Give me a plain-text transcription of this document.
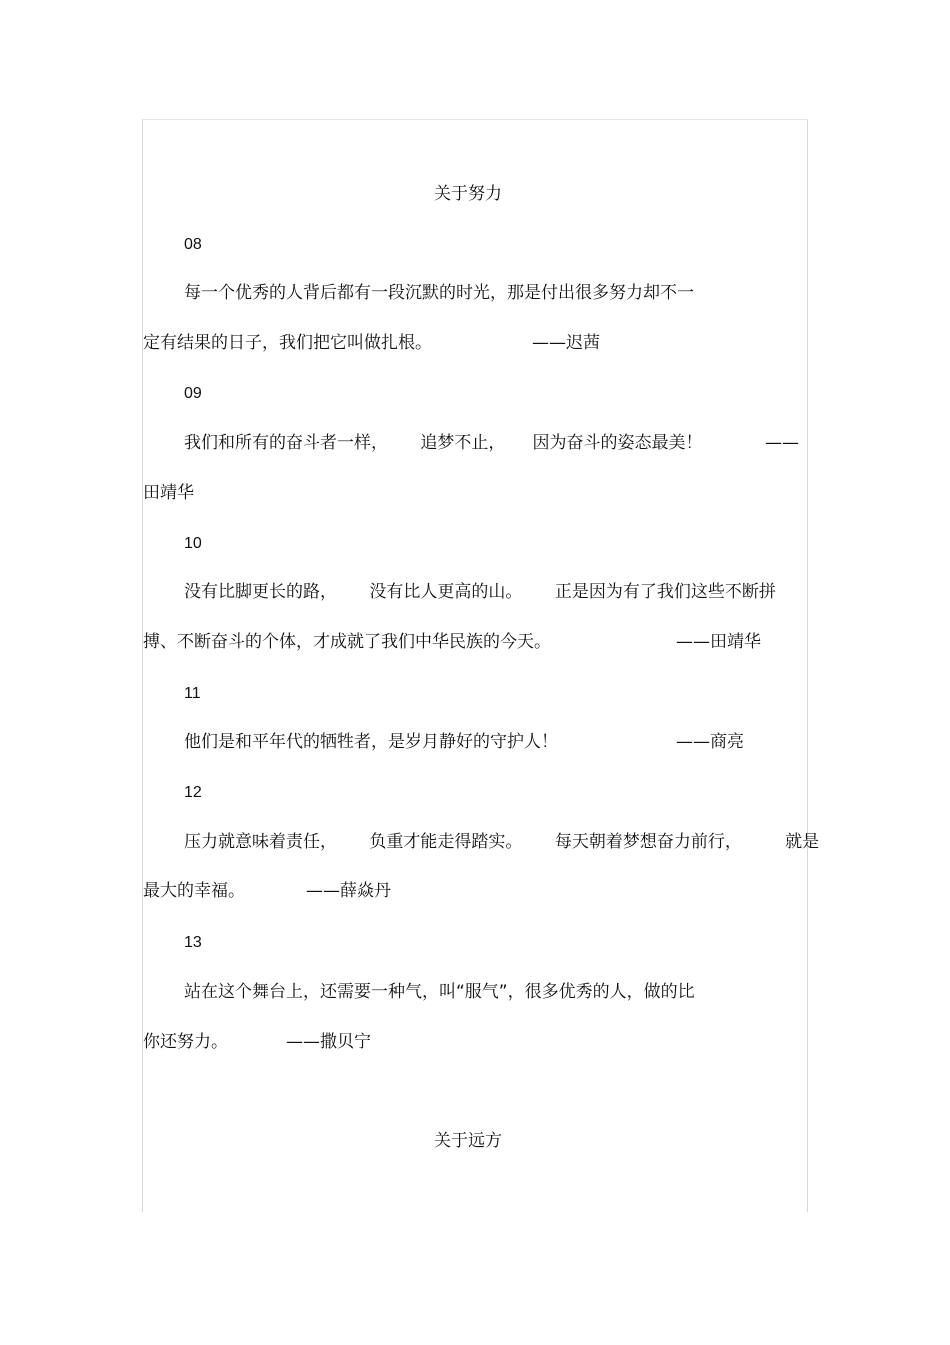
关于努力
08
每一个优秀的人背后都有一段沉默的时光，那是付出很多努力却不一
定有结果的日子，我们把它叫做扎根。	——迟茜
09
我们和所有的奋斗者一样，      追梦不止，     因为奋斗的姿态最美！	——
田靖华
10
没有比脚更长的路，      没有比人更高的山。      正是因为有了我们这些不断拼
搏、不断奋斗的个体，才成就了我们中华民族的今天。	——田靖华
11
他们是和平年代的牺牲者，是岁月静好的守护人！	——商亮
12
压力就意味着责任，      负重才能走得踏实。      每天朝着梦想奋力前行，        就是
最大的幸福。	——薛焱丹
13
站在这个舞台上，还需要一种气，叫“服气”，很多优秀的人，做的比
你还努力。	——撒贝宁
关于远方
